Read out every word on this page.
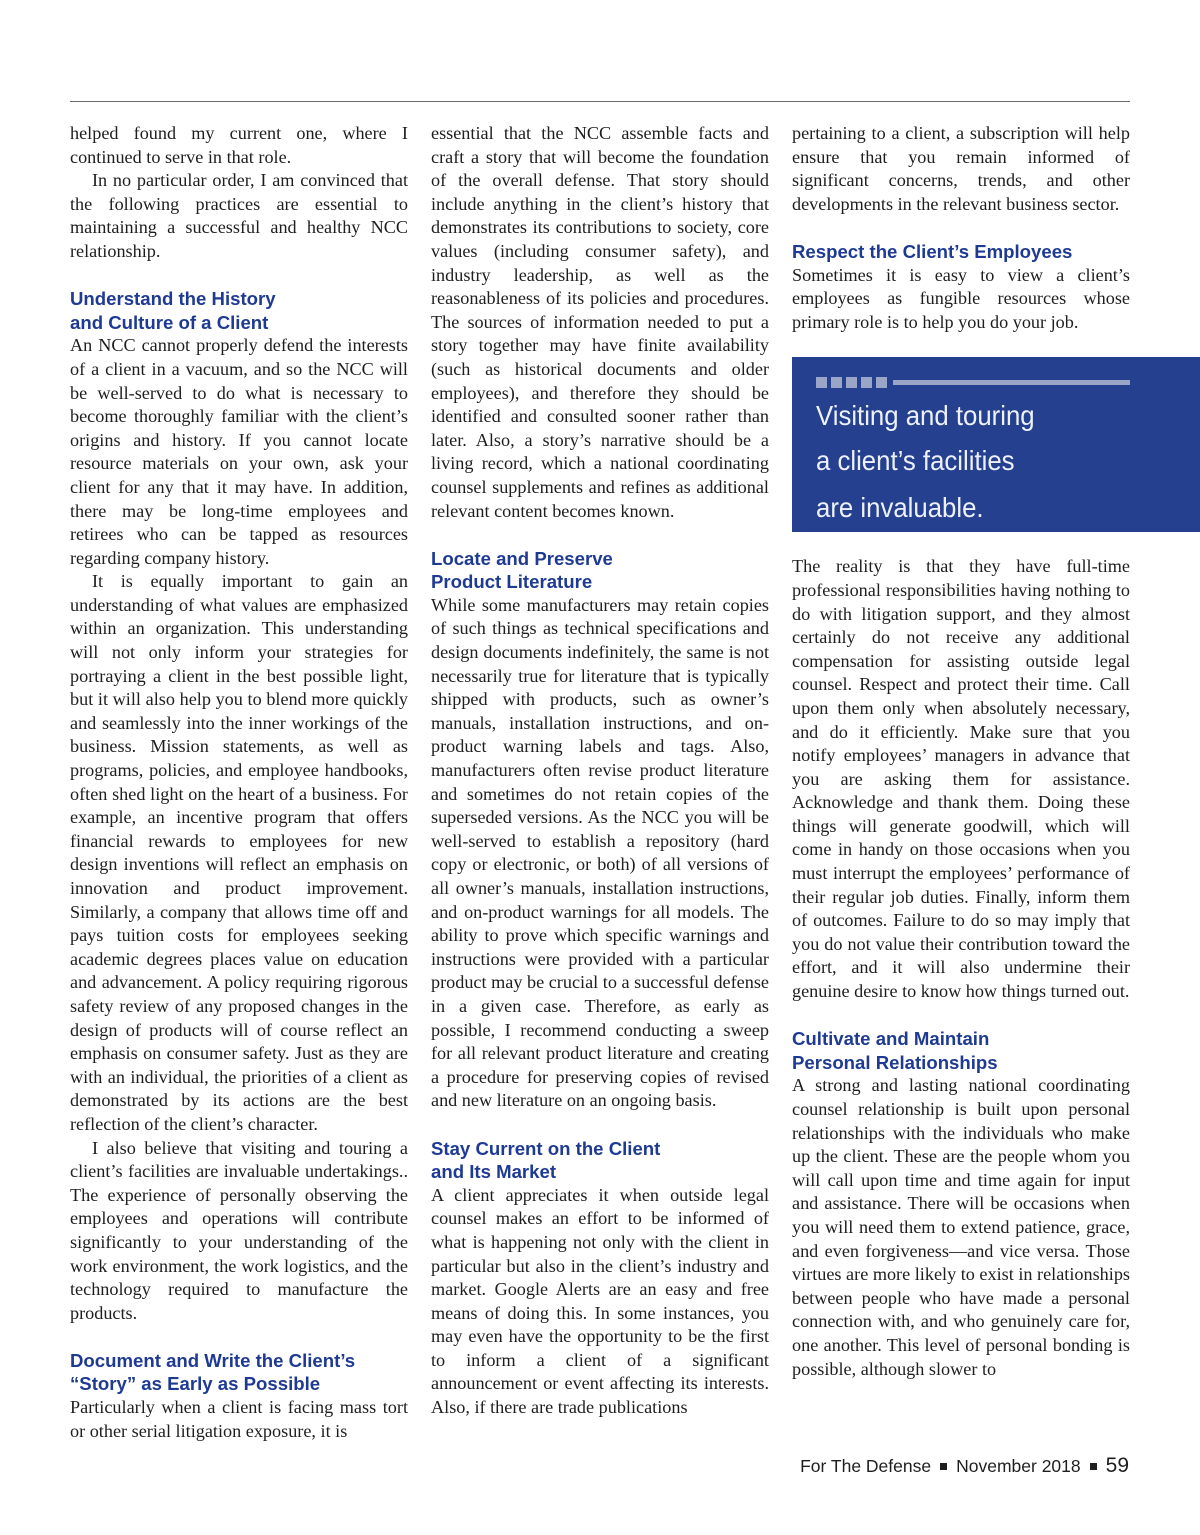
helped found my current one, where I continued to serve in that role.

In no particular order, I am convinced that the following practices are essential to maintaining a successful and healthy NCC relationship.

Understand the History
and Culture of a Client

An NCC cannot properly defend the interests of a client in a vacuum, and so the NCC will be well-served to do what is necessary to become thoroughly familiar with the client’s origins and history. If you cannot locate resource materials on your own, ask your client for any that it may have. In addition, there may be long-time employees and retirees who can be tapped as resources regarding company history.

It is equally important to gain an understanding of what values are emphasized within an organization. This understanding will not only inform your strategies for portraying a client in the best possible light, but it will also help you to blend more quickly and seamlessly into the inner workings of the business. Mission statements, as well as programs, policies, and employee handbooks, often shed light on the heart of a business. For example, an incentive program that offers financial rewards to employees for new design inventions will reflect an emphasis on innovation and product improvement. Similarly, a company that allows time off and pays tuition costs for employees seeking academic degrees places value on education and advancement. A policy requiring rigorous safety review of any proposed changes in the design of products will of course reflect an emphasis on consumer safety. Just as they are with an individual, the priorities of a client as demonstrated by its actions are the best reflection of the client’s character.

I also believe that visiting and touring a client’s facilities are invaluable undertakings.. The experience of personally observing the employees and operations will contribute significantly to your understanding of the work environment, the work logistics, and the technology required to manufacture the products.

Document and Write the Client’s
“Story” as Early as Possible

Particularly when a client is facing mass tort or other serial litigation exposure, it is

essential that the NCC assemble facts and craft a story that will become the foundation of the overall defense. That story should include anything in the client’s history that demonstrates its contributions to society, core values (including consumer safety), and industry leadership, as well as the reasonableness of its policies and procedures. The sources of information needed to put a story together may have finite availability (such as historical documents and older employees), and therefore they should be identified and consulted sooner rather than later. Also, a story’s narrative should be a living record, which a national coordinating counsel supplements and refines as additional relevant content becomes known.

Locate and Preserve
Product Literature

While some manufacturers may retain copies of such things as technical specifications and design documents indefinitely, the same is not necessarily true for literature that is typically shipped with products, such as owner’s manuals, installation instructions, and on-product warning labels and tags. Also, manufacturers often revise product literature and sometimes do not retain copies of the superseded versions. As the NCC you will be well-served to establish a repository (hard copy or electronic, or both) of all versions of all owner’s manuals, installation instructions, and on-product warnings for all models. The ability to prove which specific warnings and instructions were provided with a particular product may be crucial to a successful defense in a given case. Therefore, as early as possible, I recommend conducting a sweep for all relevant product literature and creating a procedure for preserving copies of revised and new literature on an ongoing basis.

Stay Current on the Client
and Its Market

A client appreciates it when outside legal counsel makes an effort to be informed of what is happening not only with the client in particular but also in the client’s industry and market. Google Alerts are an easy and free means of doing this. In some instances, you may even have the opportunity to be the first to inform a client of a significant announcement or event affecting its interests. Also, if there are trade publications

pertaining to a client, a subscription will help ensure that you remain informed of significant concerns, trends, and other developments in the relevant business sector.

Respect the Client’s Employees

Sometimes it is easy to view a client’s employees as fungible resources whose primary role is to help you do your job.

Visiting and touring
a client’s facilities
are invaluable.

The reality is that they have full-time professional responsibilities having nothing to do with litigation support, and they almost certainly do not receive any additional compensation for assisting outside legal counsel. Respect and protect their time. Call upon them only when absolutely necessary, and do it efficiently. Make sure that you notify employees’ managers in advance that you are asking them for assistance. Acknowledge and thank them. Doing these things will generate goodwill, which will come in handy on those occasions when you must interrupt the employees’ performance of their regular job duties. Finally, inform them of outcomes. Failure to do so may imply that you do not value their contribution toward the effort, and it will also undermine their genuine desire to know how things turned out.

Cultivate and Maintain
Personal Relationships

A strong and lasting national coordinating counsel relationship is built upon personal relationships with the individuals who make up the client. These are the people whom you will call upon time and time again for input and assistance. There will be occasions when you will need them to extend patience, grace, and even forgiveness—and vice versa. Those virtues are more likely to exist in relationships between people who have made a personal connection with, and who genuinely care for, one another. This level of personal bonding is possible, although slower to

For The Defense November 2018 59
